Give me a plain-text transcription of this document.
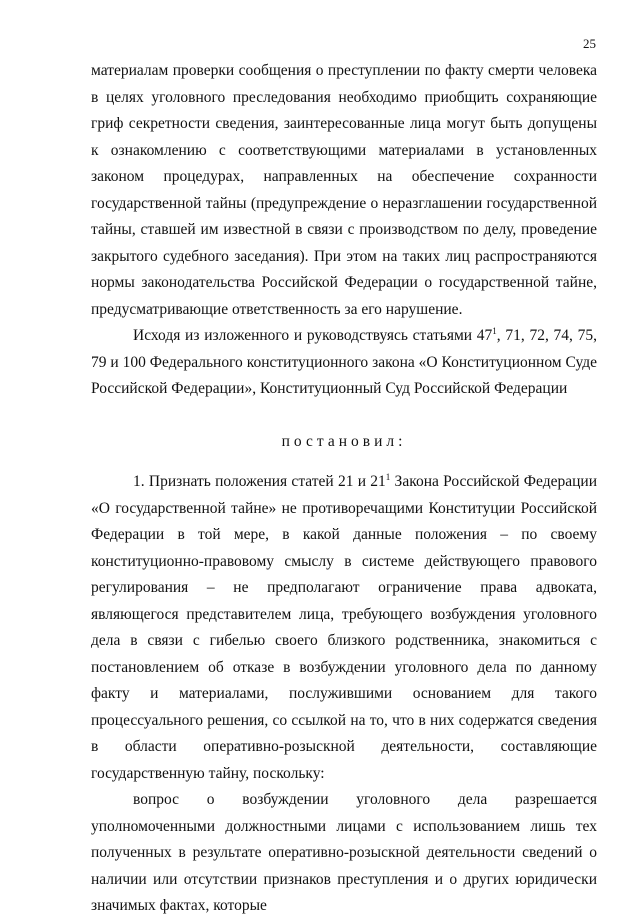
25

материалам проверки сообщения о преступлении по факту смерти человека в целях уголовного преследования необходимо приобщить сохраняющие гриф секретности сведения, заинтересованные лица могут быть допущены к ознакомлению с соответствующими материалами в установленных законом процедурах, направленных на обеспечение сохранности государственной тайны (предупреждение о неразглашении государственной тайны, ставшей им известной в связи с производством по делу, проведение закрытого судебного заседания). При этом на таких лиц распространяются нормы законодательства Российской Федерации о государственной тайне, предусматривающие ответственность за его нарушение.

Исходя из изложенного и руководствуясь статьями $47^1$, 71, 72, 74, 75, 79 и 100 Федерального конституционного закона «О Конституционном Суде Российской Федерации», Конституционный Суд Российской Федерации

постановил:

1. Признать положения статей 21 и $21^1$ Закона Российской Федерации «О государственной тайне» не противоречащими Конституции Российской Федерации в той мере, в какой данные положения – по своему конституционно-правовому смыслу в системе действующего правового регулирования – не предполагают ограничение права адвоката, являющегося представителем лица, требующего возбуждения уголовного дела в связи с гибелью своего близкого родственника, знакомиться с постановлением об отказе в возбуждении уголовного дела по данному факту и материалами, послужившими основанием для такого процессуального решения, со ссылкой на то, что в них содержатся сведения в области оперативно-розыскной деятельности, составляющие государственную тайну, поскольку:

вопрос о возбуждении уголовного дела разрешается уполномоченными должностными лицами с использованием лишь тех полученных в результате оперативно-розыскной деятельности сведений о наличии или отсутствии признаков преступления и о других юридически значимых фактах, которые
